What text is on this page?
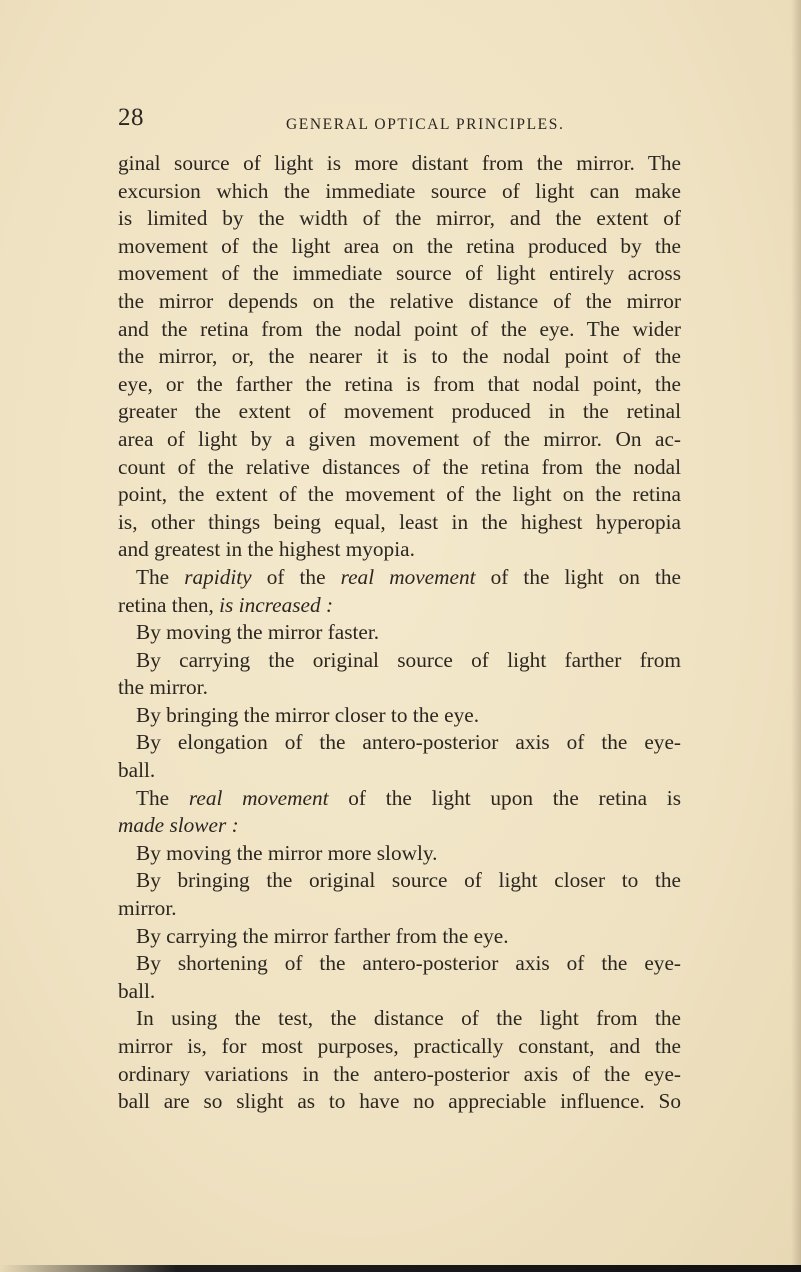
28	GENERAL OPTICAL PRINCIPLES.
ginal source of light is more distant from the mirror. The
excursion which the immediate source of light can make
is limited by the width of the mirror, and the extent of
movement of the light area on the retina produced by the
movement of the immediate source of light entirely across
the mirror depends on the relative distance of the mirror
and the retina from the nodal point of the eye. The wider
the mirror, or, the nearer it is to the nodal point of the
eye, or the farther the retina is from that nodal point, the
greater the extent of movement produced in the retinal
area of light by a given movement of the mirror. On ac-
count of the relative distances of the retina from the nodal
point, the extent of the movement of the light on the retina
is, other things being equal, least in the highest hyperopia
and greatest in the highest myopia.
The rapidity of the real movement of the light on the
retina then, is increased :
By moving the mirror faster.
By carrying the original source of light farther from
the mirror.
By bringing the mirror closer to the eye.
By elongation of the antero-posterior axis of the eye-
ball.
The real movement of the light upon the retina is
made slower :
By moving the mirror more slowly.
By bringing the original source of light closer to the
mirror.
By carrying the mirror farther from the eye.
By shortening of the antero-posterior axis of the eye-
ball.
In using the test, the distance of the light from the
mirror is, for most purposes, practically constant, and the
ordinary variations in the antero-posterior axis of the eye-
ball are so slight as to have no appreciable influence. So
